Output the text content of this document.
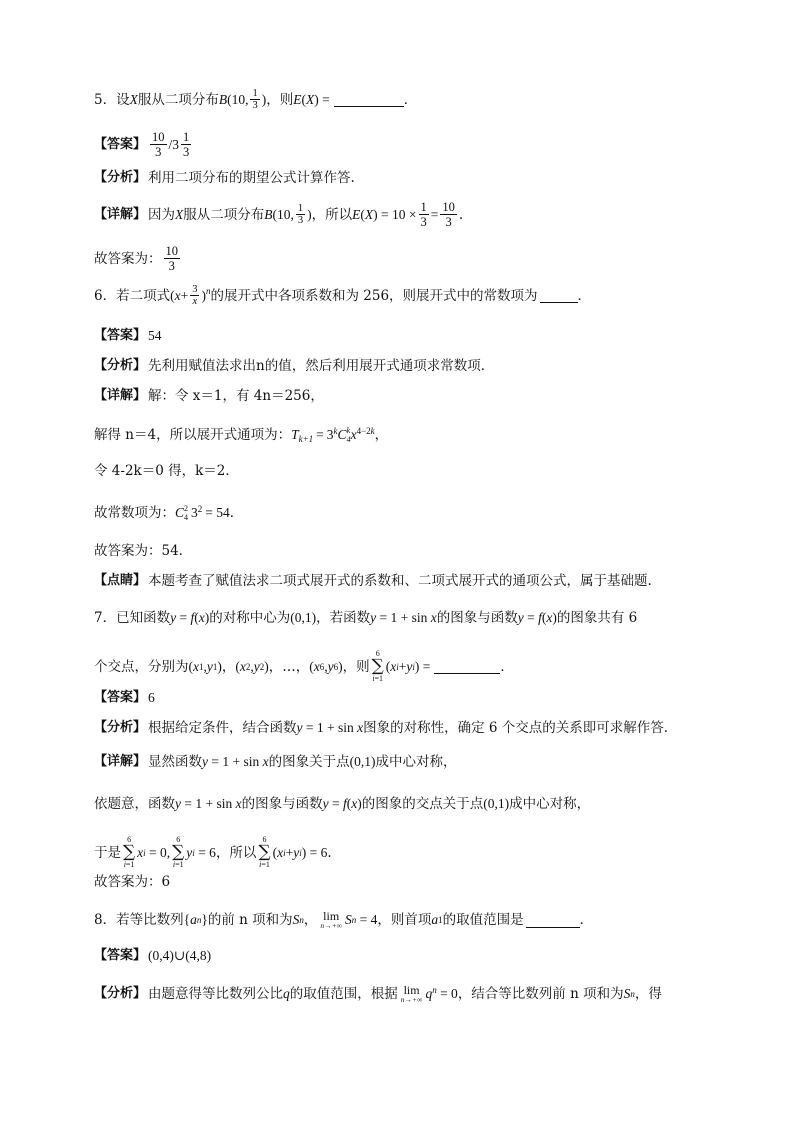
5．设 X 服从二项分布 B (10, $\frac{1}{3}$ ) ，则 E ( X ) =	．
【答案】 $\frac{10}{3} / 3 \frac{1}{3}$
【分析】 利用二项分布的期望公式计算作答.
【详解】 因为 X 服从二项分布 B (10, $\frac{1}{3}$ ) ，所以 E ( X ) = $10 \times \frac{1}{3} = \frac{10}{3}$ .
故答案为： $\frac{10}{3}$
6．若二项式 ( $x + \frac{3}{x} )^n$ 的展开式中各项系数和为 256，则展开式中的常数项为	．
【答案】 54
【分析】 先利用赋值法求出n的值，然后利用展开式通项求常数项．
【详解】 解：令 x＝1，有 4n＝256，
解得 n＝4，所以展开式通项为： $T_{k+1} = 3^k$ C k
4 $x^{4-2k}$ ，
令 4-2k＝0 得，k＝2．
故常数项为： C 2
4 $3^2 = 54$ ．
故答案为：54．
【点睛】 本题考查了赋值法求二项式展开式的系数和、二项式展开式的通项公式，属于基础题.
7．已知函数 y = f ( x ) 的对称中心为 (0,1) ，若函数 y = 1 + sin x 的图象与函数 y = f ( x ) 的图象共有 6
个交点，分别为 ( x 1 , y 1 ) ， ( x 2 , y 2 ) ，…， ( x 6 , y 6 ) ，则
6
∑
i=1
( x i + y i ) =	．
【答案】 6
【分析】 根据给定条件，结合函数 y = 1 + sin x 图象的对称性，确定 6 个交点的关系即可求解作答.
【详解】 显然函数 y = 1 + sin x 的图象关于点 (0,1) 成中心对称，
依题意，函数 y = 1 + sin x 的图象与函数 y = f ( x ) 的图象的交点关于点 (0,1) 成中心对称，
于是
6
∑
i=1
x i = 0,
6
∑
i=1
y i = 6 ，所以
6
∑
i=1
( x i + y i ) = 6 .
故答案为：6
8．若等比数列 { a n } 的前 n 项和为 S n ， lim
n→+∞ S n = 4 ，则首项 a 1 的取值范围是	．
【答案】 (0,4)∪(4,8)
【分析】 由题意得等比数列公比 q 的取值范围，根据 lim
n→+∞ $q^n = 0$ ，结合等比数列前 n 项和为 S n ，得
